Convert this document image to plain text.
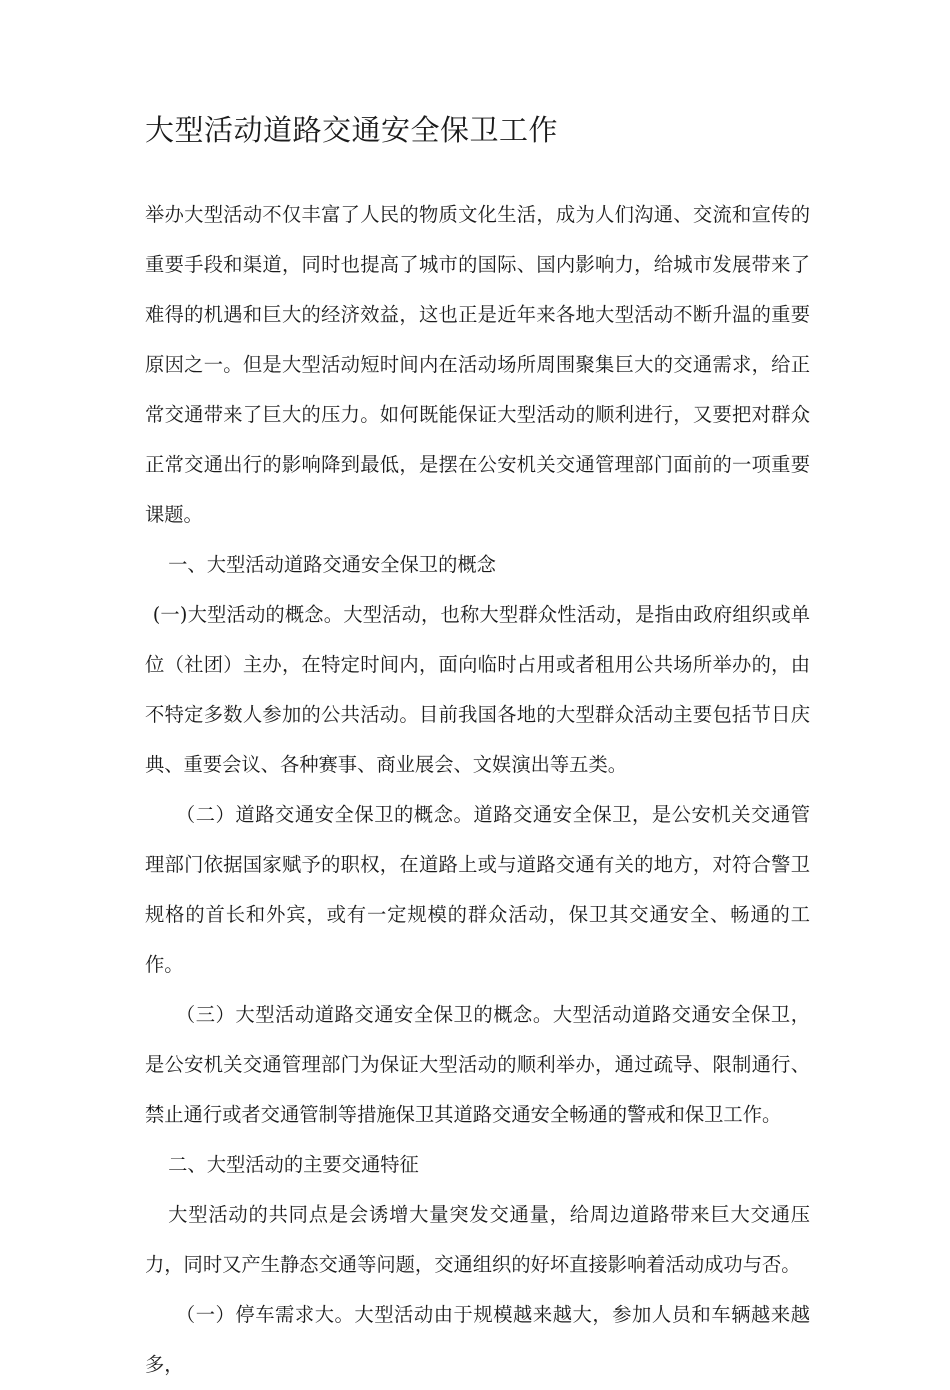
大型活动道路交通安全保卫工作

举办大型活动不仅丰富了人民的物质文化生活，成为人们沟通、交流和宣传的重要手段和渠道，同时也提高了城市的国际、国内影响力，给城市发展带来了难得的机遇和巨大的经济效益，这也正是近年来各地大型活动不断升温的重要原因之一。但是大型活动短时间内在活动场所周围聚集巨大的交通需求，给正常交通带来了巨大的压力。如何既能保证大型活动的顺利进行，又要把对群众正常交通出行的影响降到最低，是摆在公安机关交通管理部门面前的一项重要课题。

一、大型活动道路交通安全保卫的概念

(一)大型活动的概念。大型活动，也称大型群众性活动，是指由政府组织或单位（社团）主办，在特定时间内，面向临时占用或者租用公共场所举办的，由不特定多数人参加的公共活动。目前我国各地的大型群众活动主要包括节日庆典、重要会议、各种赛事、商业展会、文娱演出等五类。

（二）道路交通安全保卫的概念。道路交通安全保卫，是公安机关交通管理部门依据国家赋予的职权，在道路上或与道路交通有关的地方，对符合警卫规格的首长和外宾，或有一定规模的群众活动，保卫其交通安全、畅通的工作。

（三）大型活动道路交通安全保卫的概念。大型活动道路交通安全保卫，是公安机关交通管理部门为保证大型活动的顺利举办，通过疏导、限制通行、禁止通行或者交通管制等措施保卫其道路交通安全畅通的警戒和保卫工作。

二、大型活动的主要交通特征

大型活动的共同点是会诱增大量突发交通量，给周边道路带来巨大交通压力，同时又产生静态交通等问题，交通组织的好坏直接影响着活动成功与否。

（一）停车需求大。大型活动由于规模越来越大，参加人员和车辆越来越多，
